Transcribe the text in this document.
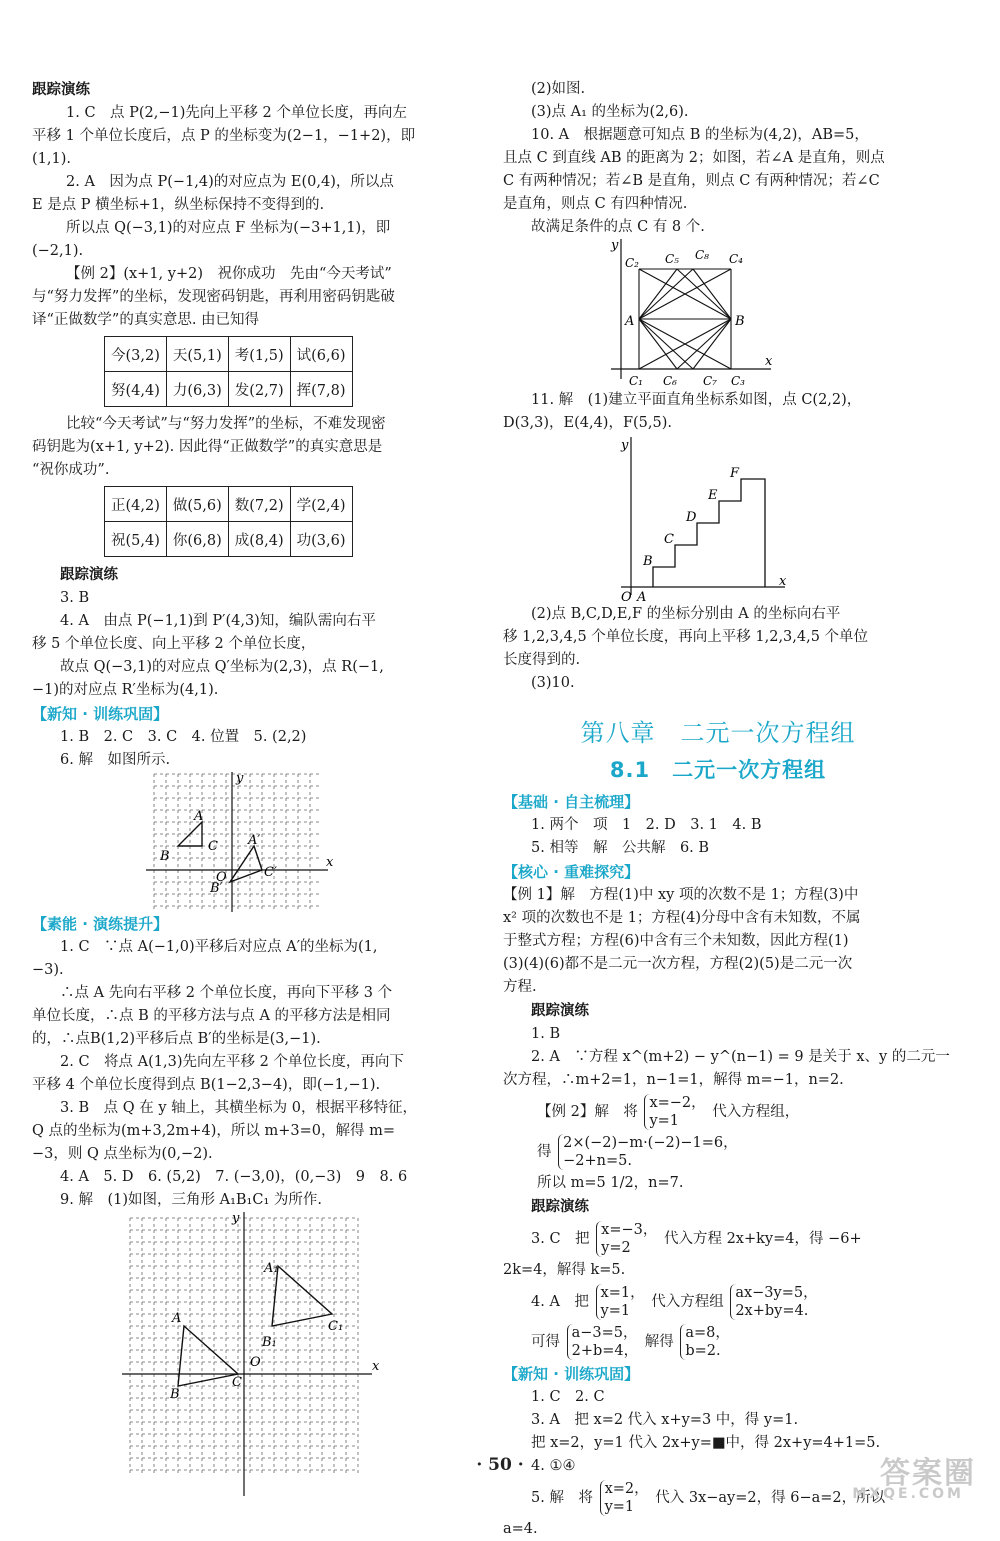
跟踪演练

1. C　点 P(2,−1)先向上平移 2 个单位长度，再向左

平移 1 个单位长度后，点 P 的坐标变为(2−1，−1+2)，即

(1,1).

2. A　因为点 P(−1,4)的对应点为 E(0,4)，所以点

E 是点 P 横坐标+1，纵坐标保持不变得到的.

所以点 Q(−3,1)的对应点 F 坐标为(−3+1,1)，即

(−2,1).

【例 2】(x+1, y+2)　祝你成功　先由“今天考试”

与“努力发挥”的坐标，发现密码钥匙，再利用密码钥匙破

译“正做数学”的真实意思. 由已知得

今(3,2)	天(5,1)	考(1,5)	试(6,6)
努(4,4)	力(6,3)	发(2,7)	挥(7,8)

比较“今天考试”与“努力发挥”的坐标，不难发现密

码钥匙为(x+1, y+2). 因此得“正做数学”的真实意思是

“祝你成功”.

正(4,2)	做(5,6)	数(7,2)	学(2,4)
祝(5,4)	你(6,8)	成(8,4)	功(3,6)

跟踪演练

3. B

4. A　由点 P(−1,1)到 P′(4,3)知，编队需向右平

移 5 个单位长度、向上平移 2 个单位长度，

故点 Q(−3,1)的对应点 Q′坐标为(2,3)，点 R(−1,

−1)的对应点 R′坐标为(4,1).

【新知 · 训练巩固】

1. B　2. C　3. C　4. 位置　5. (2,2)

6. 解　如图所示.

A
B
C A′
B′
C′
O
x
y

【素能 · 演练提升】

1. C　∵点 A(−1,0)平移后对应点 A′的坐标为(1,

−3).

∴点 A 先向右平移 2 个单位长度，再向下平移 3 个

单位长度，∴点 B 的平移方法与点 A 的平移方法是相同

的，∴点B(1,2)平移后点 B′的坐标是(3,−1).

2. C　将点 A(1,3)先向左平移 2 个单位长度，再向下

平移 4 个单位长度得到点 B(1−2,3−4)，即(−1,−1).

3. B　点 Q 在 y 轴上，其横坐标为 0，根据平移特征，

Q 点的坐标为(m+3,2m+4)，所以 m+3=0，解得 m=

−3，则 Q 点坐标为(0,−2).

4. A　5. D　6. (5,2)　7. (−3,0)，(0,−3)　9　8. 6

9. 解　(1)如图，三角形 A₁B₁C₁ 为所作.

A
B
C
A₁
B₁
C₁
O	x
y

(2)如图.

(3)点 A₁ 的坐标为(2,6).

10. A　根据题意可知点 B 的坐标为(4,2)，AB=5，

且点 C 到直线 AB 的距离为 2；如图，若∠A 是直角，则点

C 有两种情况；若∠B 是直角，则点 C 有两种情况；若∠C

是直角，则点 C 有四种情况.

故满足条件的点 C 有 8 个.

A	B
y
x
C₂ C₅ C₈ C₄
C₁ C₆ C₇ C₃

11. 解　(1)建立平面直角坐标系如图，点 C(2,2)，

D(3,3)，E(4,4)，F(5,5).

y
x
O A
B
C
D
E
F

(2)点 B,C,D,E,F 的坐标分别由 A 的坐标向右平

移 1,2,3,4,5 个单位长度，再向上平移 1,2,3,4,5 个单位

长度得到的.

(3)10.

第八章　二元一次方程组
8.1　二元一次方程组

【基础 · 自主梳理】

1. 两个　项　1　2. D　3. 1　4. B

5. 相等　解　公共解　6. B

【核心 · 重难探究】

【例 1】解　方程(1)中 xy 项的次数不是 1；方程(3)中

x² 项的次数也不是 1；方程(4)分母中含有未知数，不属

于整式方程；方程(6)中含有三个未知数，因此方程(1)

(3)(4)(6)都不是二元一次方程，方程(2)(5)是二元一次

方程.

跟踪演练

1. B

2. A　∵方程 x^(m+2) − y^(n−1) = 9 是关于 x、y 的二元一

次方程，∴m+2=1，n−1=1，解得 m=−1，n=2.

【例 2】解　将 x=−2，
y=1 代入方程组，
得 2×(−2)−m·(−2)−1=6，
−2+n=5.

所以 m=5 1/2，n=7.

跟踪演练

3. C　把 x=−3，
y=2 代入方程 2x+ky=4，得 −6+

2k=4，解得 k=5.

4. A　把 x=1，
y=1 代入方程组 ax−3y=5，
2x+by=4.
可得 a−3=5，
2+b=4， 解得 a=8，
b=2.

【新知 · 训练巩固】

1. C　2. C

3. A　把 x=2 代入 x+y=3 中，得 y=1.

把 x=2，y=1 代入 2x+y=■中，得 2x+y=4+1=5.

4. ①④

5. 解　将 x=2，
y=1 代入 3x−ay=2，得 6−a=2，所以

a=4.

· 50 ·	答案圈
MXQE.COM
